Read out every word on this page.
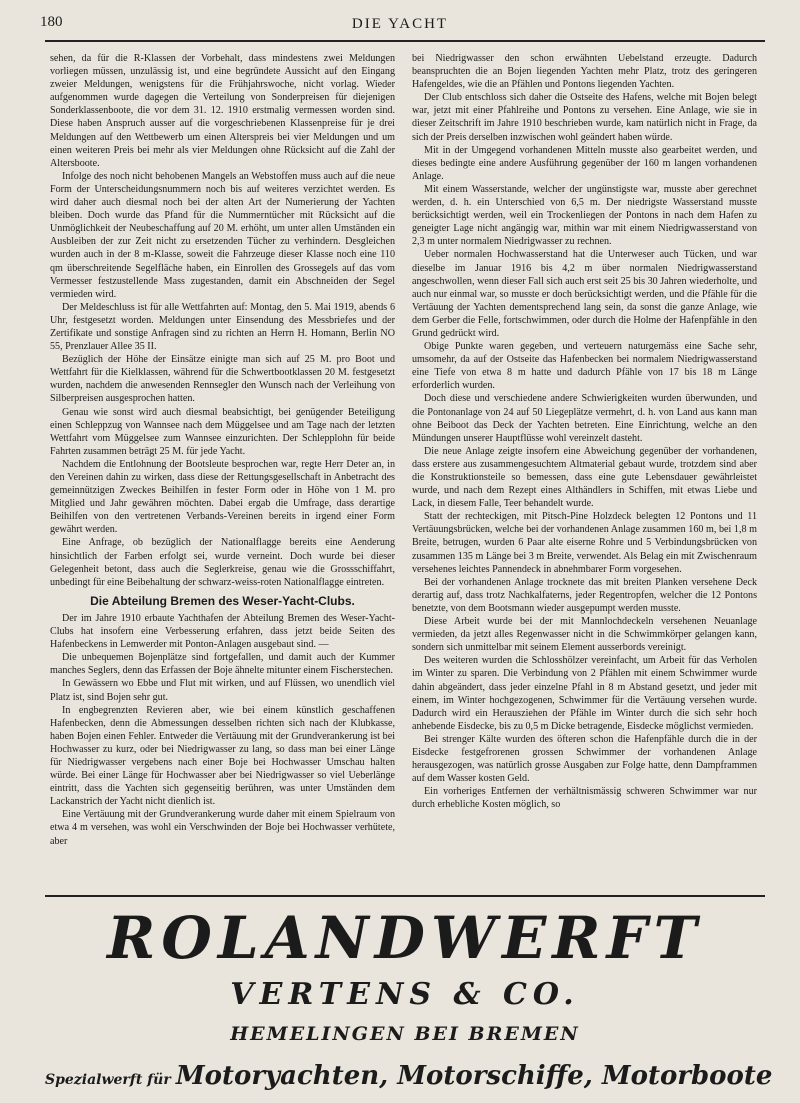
180	DIE YACHT

sehen, da für die R-Klassen der Vorbehalt, dass mindestens zwei Meldungen vorliegen müssen, unzulässig ist, und eine begründete Aussicht auf den Eingang zweier Meldungen, wenigstens für die Frühjahrswoche, nicht vorlag. Wieder aufgenommen wurde dagegen die Verteilung von Sonderpreisen für diejenigen Sonderklassenboote, die vor dem 31. 12. 1910 erstmalig vermessen worden sind. Diese haben Anspruch ausser auf die vorgeschriebenen Klassenpreise für je drei Meldungen auf den Wettbewerb um einen Alterspreis bei vier Meldungen und um einen weiteren Preis bei mehr als vier Meldungen ohne Rücksicht auf die Zahl der Altersboote.

Infolge des noch nicht behobenen Mangels an Webstoffen muss auch auf die neue Form der Unterscheidungsnummern noch bis auf weiteres verzichtet werden. Es wird daher auch diesmal noch bei der alten Art der Numerierung der Yachten bleiben. Doch wurde das Pfand für die Nummerntücher mit Rücksicht auf die Unmöglichkeit der Neubeschaffung auf 20 M. erhöht, um unter allen Umständen ein Ausbleiben der zur Zeit nicht zu ersetzenden Tücher zu verhindern. Desgleichen wurden auch in der 8 m-Klasse, soweit die Fahrzeuge dieser Klasse noch eine 110 qm überschreitende Segelfläche haben, ein Einrollen des Grossegels auf das vom Vermesser festzustellende Mass zugestanden, damit ein Abschneiden der Segel vermieden wird.

Der Meldeschluss ist für alle Wettfahrten auf: Montag, den 5. Mai 1919, abends 6 Uhr, festgesetzt worden. Meldungen unter Einsendung des Messbriefes und der Zertifikate und sonstige Anfragen sind zu richten an Herrn H. Homann, Berlin NO 55, Prenzlauer Allee 35 II.

Bezüglich der Höhe der Einsätze einigte man sich auf 25 M. pro Boot und Wettfahrt für die Kielklassen, während für die Schwertbootklassen 20 M. festgesetzt wurden, nachdem die anwesenden Rennsegler den Wunsch nach der Verleihung von Silberpreisen ausgesprochen hatten.

Genau wie sonst wird auch diesmal beabsichtigt, bei genügender Beteiligung einen Schleppzug von Wannsee nach dem Müggelsee und am Tage nach der letzten Wettfahrt vom Müggelsee zum Wannsee einzurichten. Der Schlepplohn für beide Fahrten zusammen beträgt 25 M. für jede Yacht.

Nachdem die Entlohnung der Bootsleute besprochen war, regte Herr Deter an, in den Vereinen dahin zu wirken, dass diese der Rettungsgesellschaft in Anbetracht des gemeinnützigen Zweckes Beihilfen in fester Form oder in Höhe von 1 M. pro Mitglied und Jahr gewähren möchten. Dabei ergab die Umfrage, dass derartige Beihilfen von den vertretenen Verbands-Vereinen bereits in irgend einer Form gewährt werden.

Eine Anfrage, ob bezüglich der Nationalflagge bereits eine Aenderung hinsichtlich der Farben erfolgt sei, wurde verneint. Doch wurde bei dieser Gelegenheit betont, dass auch die Seglerkreise, genau wie die Grossschiffahrt, unbedingt für eine Beibehaltung der schwarz-weiss-roten Nationalflagge eintreten.

Die Abteilung Bremen des Weser-Yacht-Clubs.

Der im Jahre 1910 erbaute Yachthafen der Abteilung Bremen des Weser-Yacht-Clubs hat insofern eine Verbesserung erfahren, dass jetzt beide Seiten des Hafenbeckens in Lemwerder mit Ponton-Anlagen ausgebaut sind. —

Die unbequemen Bojenplätze sind fortgefallen, und damit auch der Kummer manches Seglers, denn das Erfassen der Boje ähnelte mitunter einem Fischerstechen.

In Gewässern wo Ebbe und Flut mit wirken, und auf Flüssen, wo unendlich viel Platz ist, sind Bojen sehr gut.

In engbegrenzten Revieren aber, wie bei einem künstlich geschaffenen Hafenbecken, denn die Abmessungen desselben richten sich nach der Klubkasse, haben Bojen einen Fehler. Entweder die Vertäuung mit der Grundverankerung ist bei Hochwasser zu kurz, oder bei Niedrigwasser zu lang, so dass man bei einer Länge für Niedrigwasser vergebens nach einer Boje bei Hochwasser Umschau halten würde. Bei einer Länge für Hochwasser aber bei Niedrigwasser so viel Ueberlänge eintritt, dass die Yachten sich gegenseitig berühren, was unter Umständen dem Lackanstrich der Yacht nicht dienlich ist.

Eine Vertäuung mit der Grundverankerung wurde daher mit einem Spielraum von etwa 4 m versehen, was wohl ein Verschwinden der Boje bei Hochwasser verhütete, aber

bei Niedrigwasser den schon erwähnten Uebelstand erzeugte. Dadurch beanspruchten die an Bojen liegenden Yachten mehr Platz, trotz des geringeren Hafengeldes, wie die an Pfählen und Pontons liegenden Yachten.

Der Club entschloss sich daher die Ostseite des Hafens, welche mit Bojen belegt war, jetzt mit einer Pfahlreihe und Pontons zu versehen. Eine Anlage, wie sie in dieser Zeitschrift im Jahre 1910 beschrieben wurde, kam natürlich nicht in Frage, da sich der Preis derselben inzwischen wohl geändert haben würde.

Mit in der Umgegend vorhandenen Mitteln musste also gearbeitet werden, und dieses bedingte eine andere Ausführung gegenüber der 160 m langen vorhandenen Anlage.

Mit einem Wasserstande, welcher der ungünstigste war, musste aber gerechnet werden, d. h. ein Unterschied von 6,5 m. Der niedrigste Wasserstand musste berücksichtigt werden, weil ein Trockenliegen der Pontons in nach dem Hafen zu geneigter Lage nicht angängig war, mithin war mit einem Niedrigwasserstand von 2,3 m unter normalem Niedrigwasser zu rechnen.

Ueber normalen Hochwasserstand hat die Unterweser auch Tücken, und war dieselbe im Januar 1916 bis 4,2 m über normalen Niedrigwasserstand angeschwollen, wenn dieser Fall sich auch erst seit 25 bis 30 Jahren wiederholte, und auch nur einmal war, so musste er doch berücksichtigt werden, und die Pfähle für die Vertäuung der Yachten dementsprechend lang sein, da sonst die ganze Anlage, wie dem Gerber die Felle, fortschwimmen, oder durch die Holme der Hafenpfähle in den Grund gedrückt wird.

Obige Punkte waren gegeben, und verteuern naturgemäss eine Sache sehr, umsomehr, da auf der Ostseite das Hafenbecken bei normalem Niedrigwasserstand eine Tiefe von etwa 8 m hatte und dadurch Pfähle von 17 bis 18 m Länge erforderlich wurden.

Doch diese und verschiedene andere Schwierigkeiten wurden überwunden, und die Pontonanlage von 24 auf 50 Liegeplätze vermehrt, d. h. von Land aus kann man ohne Beiboot das Deck der Yachten betreten. Eine Einrichtung, welche an den Mündungen unserer Hauptflüsse wohl vereinzelt dasteht.

Die neue Anlage zeigte insofern eine Abweichung gegenüber der vorhandenen, dass erstere aus zusammengesuchtem Altmaterial gebaut wurde, trotzdem sind aber die Konstruktionsteile so bemessen, dass eine gute Lebensdauer gewährleistet wurde, und nach dem Rezept eines Althändlers in Schiffen, mit etwas Liebe und Lack, in diesem Falle, Teer behandelt wurde.

Statt der rechteckigen, mit Pitsch-Pine Holzdeck belegten 12 Pontons und 11 Vertäuungsbrücken, welche bei der vorhandenen Anlage zusammen 160 m, bei 1,8 m Breite, betrugen, wurden 6 Paar alte eiserne Rohre und 5 Verbindungsbrücken von zusammen 135 m Länge bei 3 m Breite, verwendet. Als Belag ein mit Zwischenraum versehenes leichtes Pannendeck in abnehmbarer Form vorgesehen.

Bei der vorhandenen Anlage trocknete das mit breiten Planken versehene Deck derartig auf, dass trotz Nachkalfaterns, jeder Regentropfen, welcher die 12 Pontons benetzte, von dem Bootsmann wieder ausgepumpt werden musste.

Diese Arbeit wurde bei der mit Mannlochdeckeln versehenen Neuanlage vermieden, da jetzt alles Regenwasser nicht in die Schwimmkörper gelangen kann, sondern sich unmittelbar mit seinem Element ausserbords vereinigt.

Des weiteren wurden die Schlosshölzer vereinfacht, um Arbeit für das Verholen im Winter zu sparen. Die Verbindung von 2 Pfählen mit einem Schwimmer wurde dahin abgeändert, dass jeder einzelne Pfahl in 8 m Abstand gesetzt, und jeder mit einem, im Winter hochgezogenen, Schwimmer für die Vertäuung versehen wurde. Dadurch wird ein Herausziehen der Pfähle im Winter durch die sich sehr hoch anhebende Eisdecke, bis zu 0,5 m Dicke betragende, Eisdecke möglichst vermieden.

Bei strenger Kälte wurden des öfteren schon die Hafenpfähle durch die in der Eisdecke festgefrorenen grossen Schwimmer der vorhandenen Anlage herausgezogen, was natürlich grosse Ausgaben zur Folge hatte, denn Dampframmen auf dem Wasser kosten Geld.

Ein vorheriges Entfernen der verhältnismässig schweren Schwimmer war nur durch erhebliche Kosten möglich, so

ROLANDWERFT
VERTENS & CO.
HEMELINGEN BEI BREMEN
Spezialwerft für Motoryachten, Motorschiffe, Motorboote
